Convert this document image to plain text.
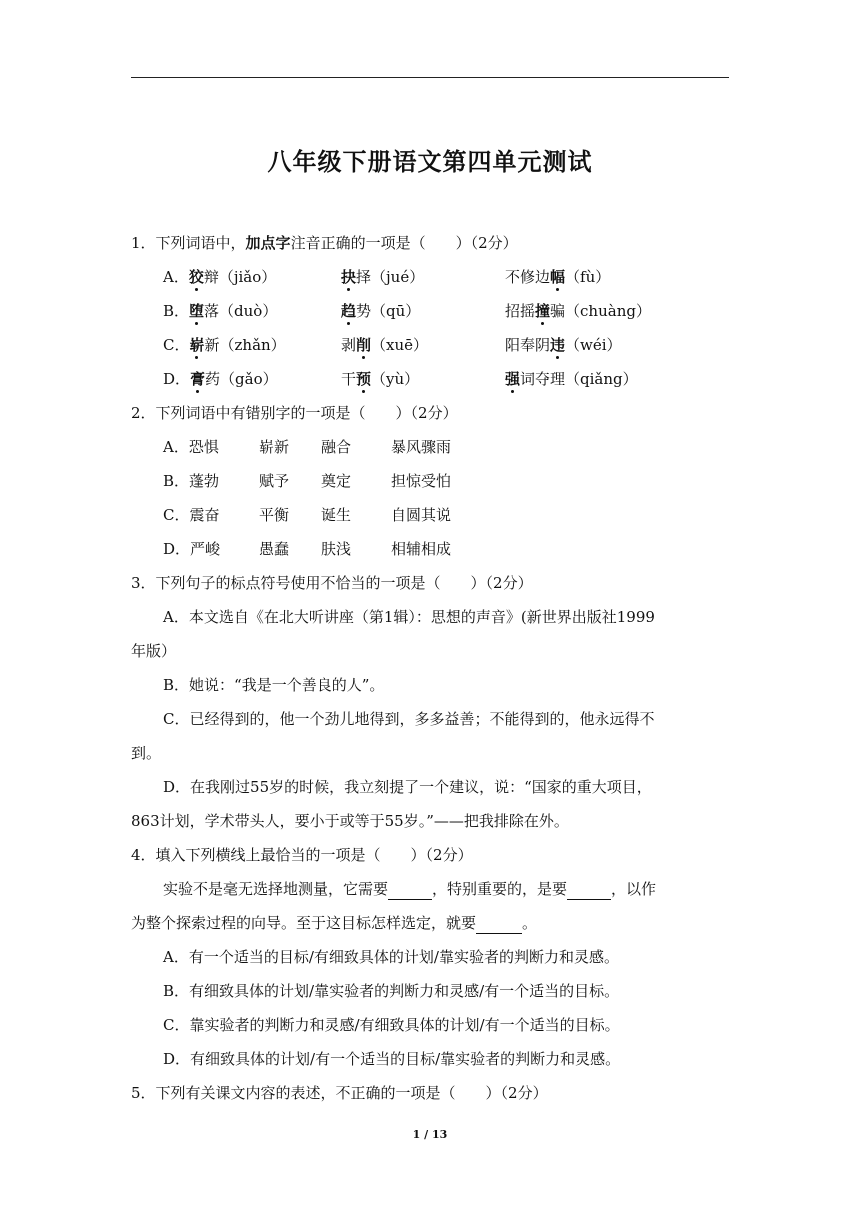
八年级下册语文第四单元测试
1．下列词语中，加点字注音正确的一项是（　　）（2分）
A．狡辩（jiǎo）	抉择（jué）	不修边幅（fù）
B．堕落（duò）	趋势（qū）	招摇撞骗（chuàng）
C．崭新（zhǎn）	剥削（xuē）	阳奉阴违（wéi）
D．膏药（gǎo）	干预（yù）	强词夺理（qiǎng）
2．下列词语中有错别字的一项是（　　）（2分）
A．恐惧	崭新 融合	暴风骤雨
B．蓬勃	赋予 奠定	担惊受怕
C．震奋	平衡 诞生	自圆其说
D．严峻	愚蠢 肤浅	相辅相成
3．下列句子的标点符号使用不恰当的一项是（　　）（2分）
A．本文选自《在北大听讲座（第1辑）：思想的声音》(新世界出版社1999
年版）
B．她说：“我是一个善良的人”。
C．已经得到的，他一个劲儿地得到，多多益善；不能得到的，他永远得不
到。
D．在我刚过55岁的时候，我立刻提了一个建议，说：“国家的重大项目，
863计划，学术带头人，要小于或等于55岁。”——把我排除在外。
4．填入下列横线上最恰当的一项是（　　）（2分）
实验不是毫无选择地测量，它需要	，特别重要的，是要	，以作
为整个探索过程的向导。至于这目标怎样选定，就要	。
A．有一个适当的目标/有细致具体的计划/靠实验者的判断力和灵感。
B．有细致具体的计划/靠实验者的判断力和灵感/有一个适当的目标。
C．靠实验者的判断力和灵感/有细致具体的计划/有一个适当的目标。
D．有细致具体的计划/有一个适当的目标/靠实验者的判断力和灵感。
5．下列有关课文内容的表述，不正确的一项是（　　）（2分）
1 / 13
